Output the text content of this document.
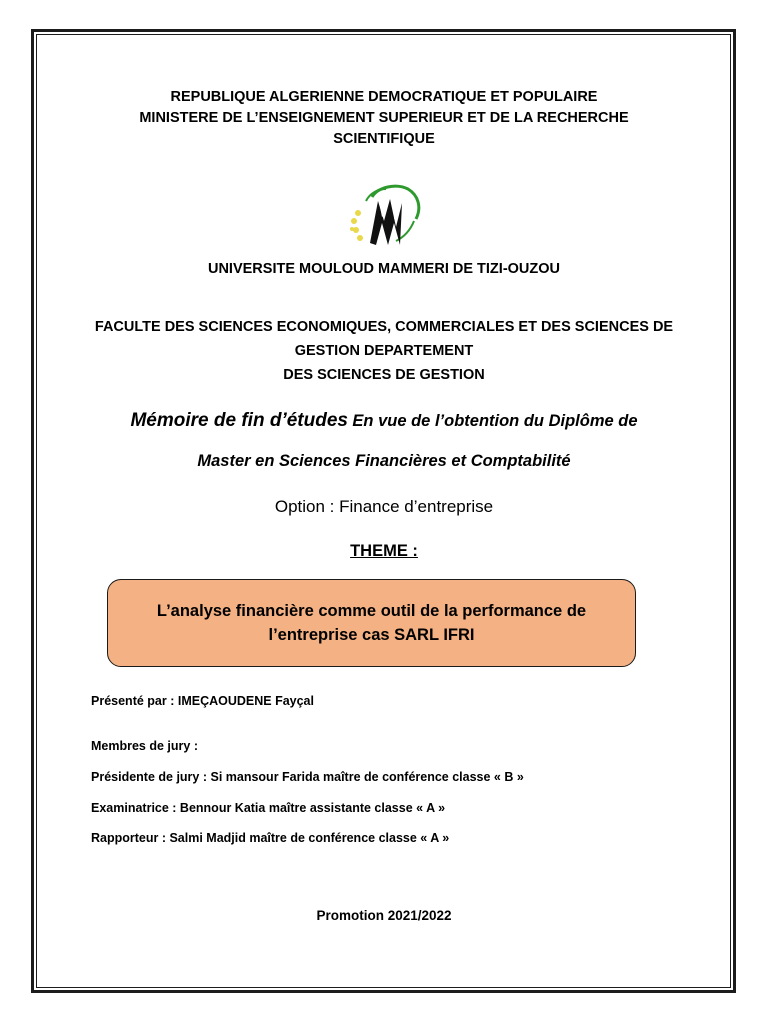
REPUBLIQUE ALGERIENNE DEMOCRATIQUE ET POPULAIRE
MINISTERE DE L’ENSEIGNEMENT SUPERIEUR ET DE LA RECHERCHE
SCIENTIFIQUE
UNIVERSITE MOULOUD MAMMERI DE TIZI-OUZOU
FACULTE DES SCIENCES ECONOMIQUES, COMMERCIALES ET DES SCIENCES DE
GESTION DEPARTEMENT
DES SCIENCES DE GESTION
Mémoire de fin d’études En vue de l’obtention du Diplôme de
Master en Sciences Financières et Comptabilité
Option : Finance d’entreprise
THEME :
L’analyse financière comme outil de la performance de
l’entreprise cas SARL IFRI
Présenté par : IMEÇAOUDENE Fayçal
Membres de jury :
Présidente de jury : Si mansour Farida maître de conférence classe « B »
Examinatrice : Bennour Katia maître assistante classe « A »
Rapporteur : Salmi Madjid maître de conférence classe « A »
Promotion 2021/2022
